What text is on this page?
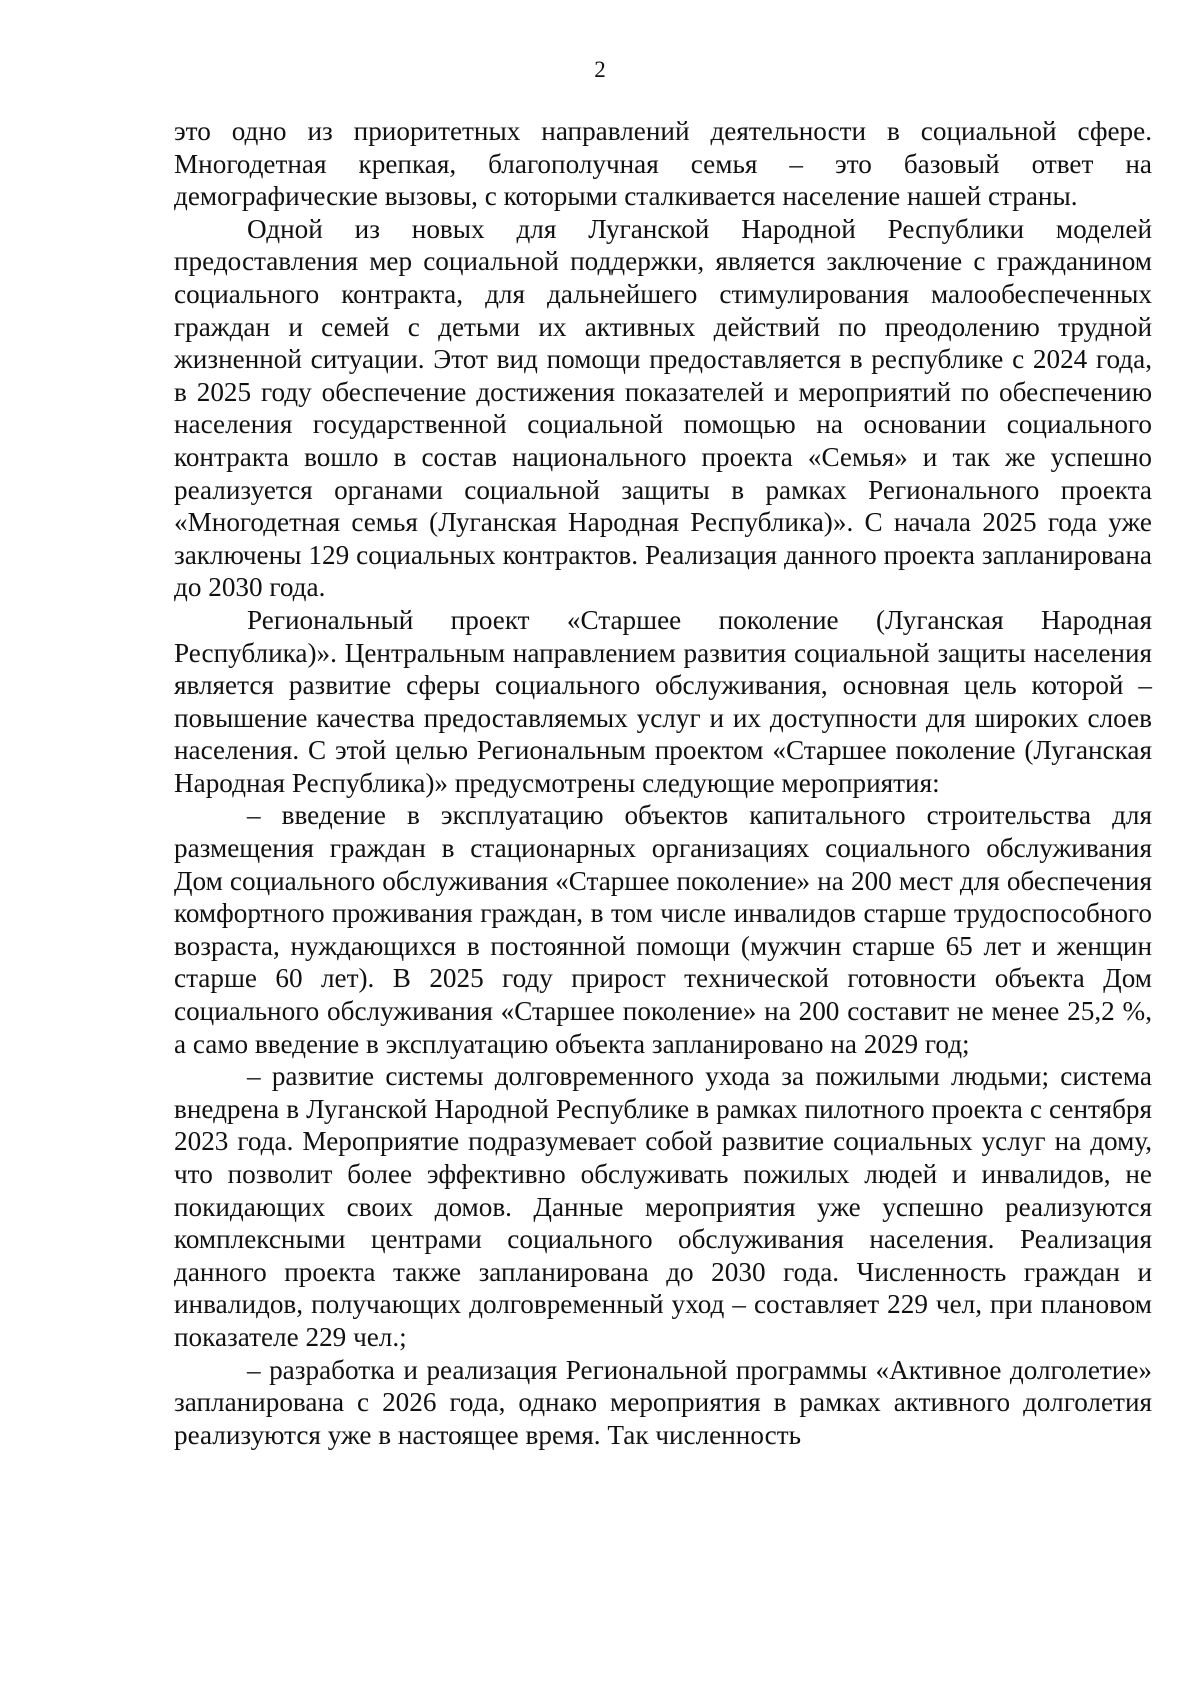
2

это одно из приоритетных направлений деятельности в социальной сфере. Многодетная крепкая, благополучная семья – это базовый ответ на демографические вызовы, с которыми сталкивается население нашей страны.

Одной из новых для Луганской Народной Республики моделей предоставления мер социальной поддержки, является заключение с гражданином социального контракта, для дальнейшего стимулирования малообеспеченных граждан и семей с детьми их активных действий по преодолению трудной жизненной ситуации. Этот вид помощи предоставляется в республике с 2024 года, в 2025 году обеспечение достижения показателей и мероприятий по обеспечению населения государственной социальной помощью на основании социального контракта вошло в состав национального проекта «Семья» и так же успешно реализуется органами социальной защиты в рамках Регионального проекта «Многодетная семья (Луганская Народная Республика)». С начала 2025 года уже заключены 129 социальных контрактов. Реализация данного проекта запланирована до 2030 года.

Региональный проект «Старшее поколение (Луганская Народная Республика)». Центральным направлением развития социальной защиты населения является развитие сферы социального обслуживания, основная цель которой – повышение качества предоставляемых услуг и их доступности для широких слоев населения. С этой целью Региональным проектом «Старшее поколение (Луганская Народная Республика)» предусмотрены следующие мероприятия:

– введение в эксплуатацию объектов капитального строительства для размещения граждан в стационарных организациях социального обслуживания Дом социального обслуживания «Старшее поколение» на 200 мест для обеспечения комфортного проживания граждан, в том числе инвалидов старше трудоспособного возраста, нуждающихся в постоянной помощи (мужчин старше 65 лет и женщин старше 60 лет). В 2025 году прирост технической готовности объекта Дом социального обслуживания «Старшее поколение» на 200 составит не менее 25,2 %, а само введение в эксплуатацию объекта запланировано на 2029 год;

– развитие системы долговременного ухода за пожилыми людьми; система внедрена в Луганской Народной Республике в рамках пилотного проекта с сентября 2023 года. Мероприятие подразумевает собой развитие социальных услуг на дому, что позволит более эффективно обслуживать пожилых людей и инвалидов, не покидающих своих домов. Данные мероприятия уже успешно реализуются комплексными центрами социального обслуживания населения. Реализация данного проекта также запланирована до 2030 года. Численность граждан и инвалидов, получающих долговременный уход – составляет 229 чел, при плановом показателе 229 чел.;

– разработка и реализация Региональной программы «Активное долголетие» запланирована с 2026 года, однако мероприятия в рамках активного долголетия реализуются уже в настоящее время. Так численность
